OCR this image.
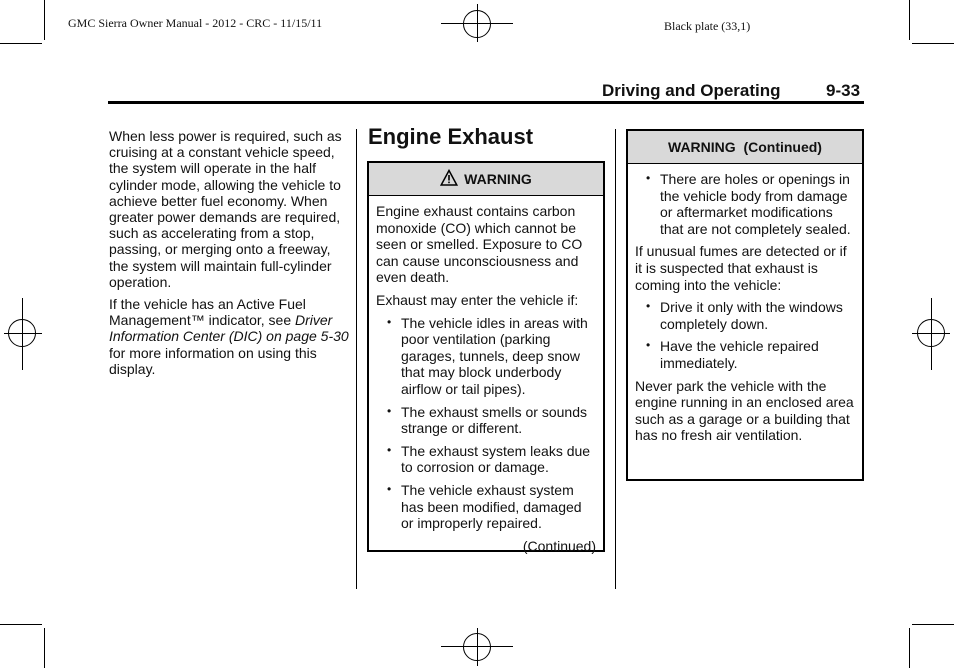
GMC Sierra Owner Manual - 2012 - CRC - 11/15/11	Black plate (33,1)
Driving and Operating	9-33

When less power is required, such as cruising at a constant vehicle speed, the system will operate in the half cylinder mode, allowing the vehicle to achieve better fuel economy. When greater power demands are required, such as accelerating from a stop, passing, or merging onto a freeway, the system will maintain full-cylinder operation.

If the vehicle has an Active Fuel Management™ indicator, see Driver Information Center (DIC) on page 5‑30 for more information on using this display.

Engine Exhaust
WARNING

Engine exhaust contains carbon monoxide (CO) which cannot be seen or smelled. Exposure to CO can cause unconsciousness and even death.

Exhaust may enter the vehicle if:

• The vehicle idles in areas with poor ventilation (parking garages, tunnels, deep snow that may block underbody airflow or tail pipes).
• The exhaust smells or sounds strange or different.
• The exhaust system leaks due to corrosion or damage.
• The vehicle exhaust system has been modified, damaged or improperly repaired.
(Continued)
WARNING  (Continued)
• There are holes or openings in the vehicle body from damage or aftermarket modifications that are not completely sealed.

If unusual fumes are detected or if it is suspected that exhaust is coming into the vehicle:

• Drive it only with the windows completely down.
• Have the vehicle repaired immediately.

Never park the vehicle with the engine running in an enclosed area such as a garage or a building that has no fresh air ventilation.
